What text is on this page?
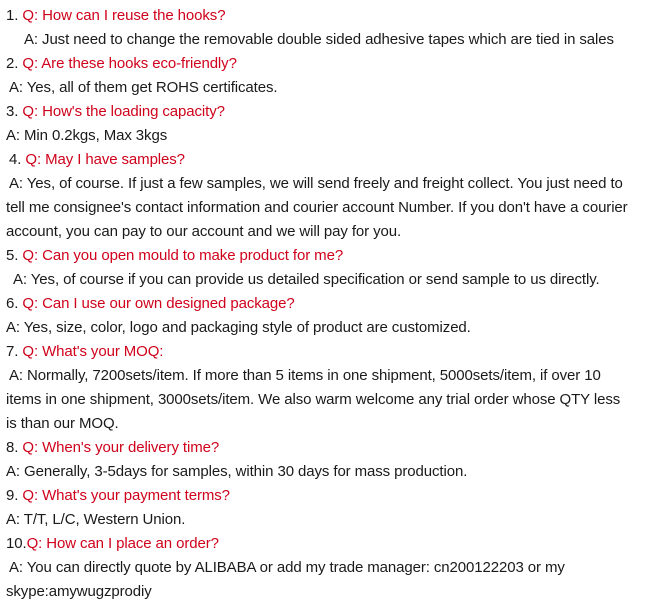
1. Q: How can I reuse the hooks?
A: Just need to change the removable double sided adhesive tapes which are tied in sales
2. Q: Are these hooks eco-friendly?
A: Yes, all of them get ROHS certificates.
3. Q: How's the loading capacity?
A: Min 0.2kgs, Max 3kgs
4. Q: May I have samples?
A: Yes, of course. If just a few samples, we will send freely and freight collect. You just need to
tell me consignee's contact information and courier account Number. If you don't have a courier
account, you can pay to our account and we will pay for you.
5. Q: Can you open mould to make product for me?
A: Yes, of course if you can provide us detailed specification or send sample to us directly.
6. Q: Can I use our own designed package?
A: Yes, size, color, logo and packaging style of product are customized.
7. Q: What's your MOQ:
A: Normally, 7200sets/item. If more than 5 items in one shipment, 5000sets/item, if over 10
items in one shipment, 3000sets/item. We also warm welcome any trial order whose QTY less
is than our MOQ.
8. Q: When's your delivery time?
A: Generally, 3-5days for samples, within 30 days for mass production.
9. Q: What's your payment terms?
A: T/T, L/C, Western Union.
10.Q: How can I place an order?
A: You can directly quote by ALIBABA or add my trade manager: cn200122203 or my
skype:amywugzprodiy
